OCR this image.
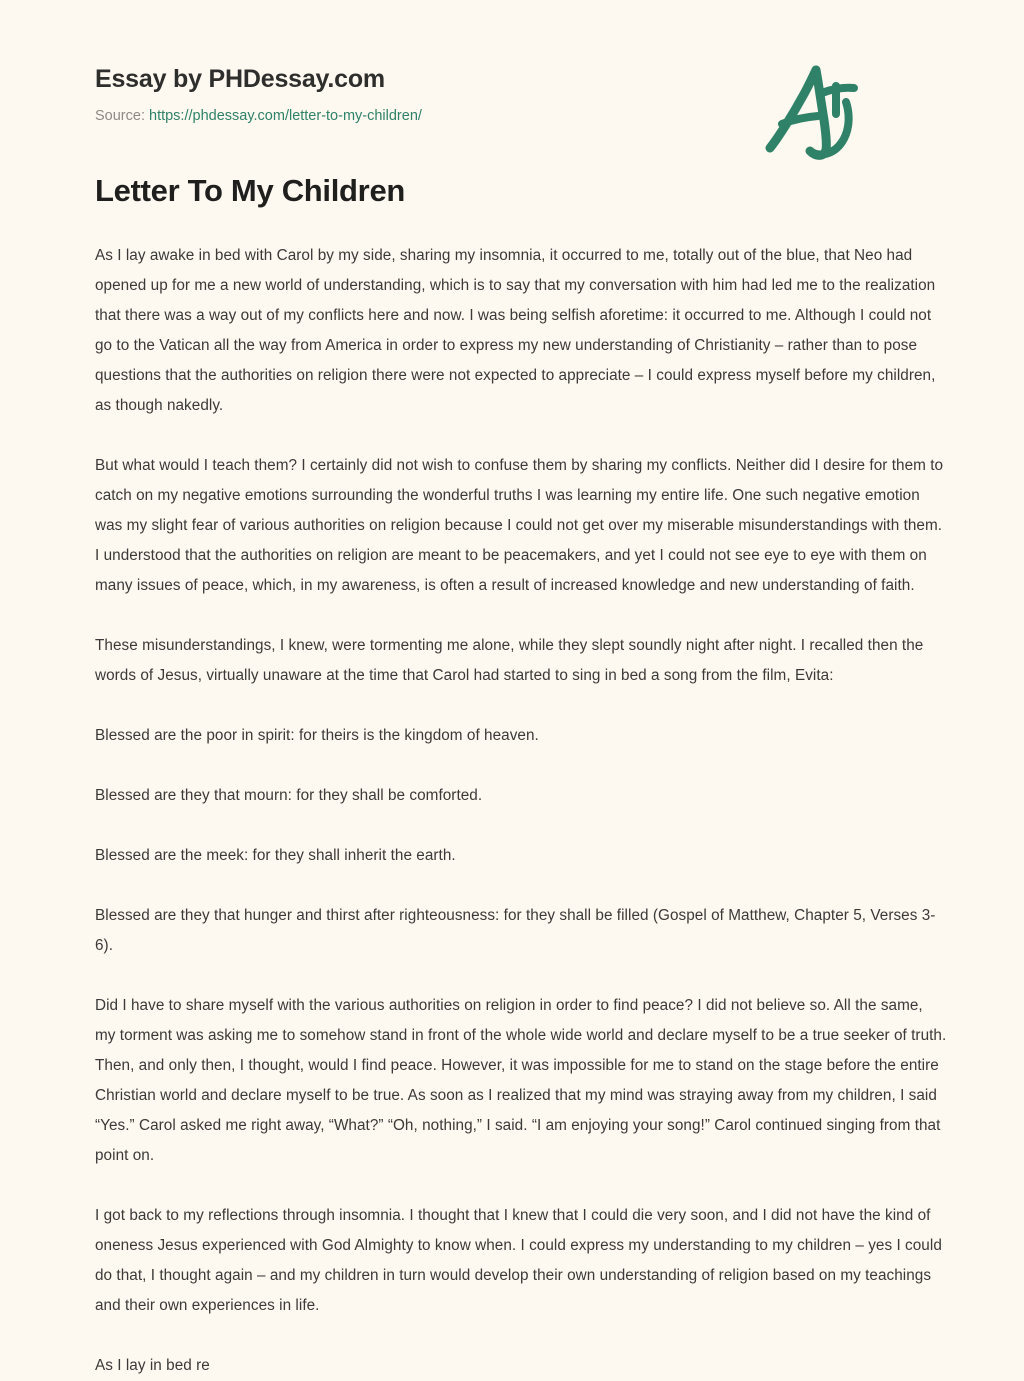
Essay by PHDessay.com
Source: https://phdessay.com/letter-to-my-children/
Letter To My Children

As I lay awake in bed with Carol by my side, sharing my insomnia, it occurred to me, totally out of the blue, that Neo had opened up for me a new world of understanding, which is to say that my conversation with him had led me to the realization that there was a way out of my conflicts here and now. I was being selfish aforetime: it occurred to me. Although I could not go to the Vatican all the way from America in order to express my new understanding of Christianity – rather than to pose questions that the authorities on religion there were not expected to appreciate – I could express myself before my children, as though nakedly.

But what would I teach them? I certainly did not wish to confuse them by sharing my conflicts. Neither did I desire for them to catch on my negative emotions surrounding the wonderful truths I was learning my entire life. One such negative emotion was my slight fear of various authorities on religion because I could not get over my miserable misunderstandings with them. I understood that the authorities on religion are meant to be peacemakers, and yet I could not see eye to eye with them on many issues of peace, which, in my awareness, is often a result of increased knowledge and new understanding of faith.

These misunderstandings, I knew, were tormenting me alone, while they slept soundly night after night. I recalled then the words of Jesus, virtually unaware at the time that Carol had started to sing in bed a song from the film, Evita:

Blessed are the poor in spirit: for theirs is the kingdom of heaven.

Blessed are they that mourn: for they shall be comforted.

Blessed are the meek: for they shall inherit the earth.

Blessed are they that hunger and thirst after righteousness: for they shall be filled (Gospel of Matthew, Chapter 5, Verses 3-6).

Did I have to share myself with the various authorities on religion in order to find peace? I did not believe so. All the same, my torment was asking me to somehow stand in front of the whole wide world and declare myself to be a true seeker of truth. Then, and only then, I thought, would I find peace. However, it was impossible for me to stand on the stage before the entire Christian world and declare myself to be true. As soon as I realized that my mind was straying away from my children, I said “Yes.” Carol asked me right away, “What?” “Oh, nothing,” I said. “I am enjoying your song!” Carol continued singing from that point on.

I got back to my reflections through insomnia. I thought that I knew that I could die very soon, and I did not have the kind of oneness Jesus experienced with God Almighty to know when. I could express my understanding to my children – yes I could do that, I thought again – and my children in turn would develop their own understanding of religion based on my teachings and their own experiences in life.

As I lay in bed re
